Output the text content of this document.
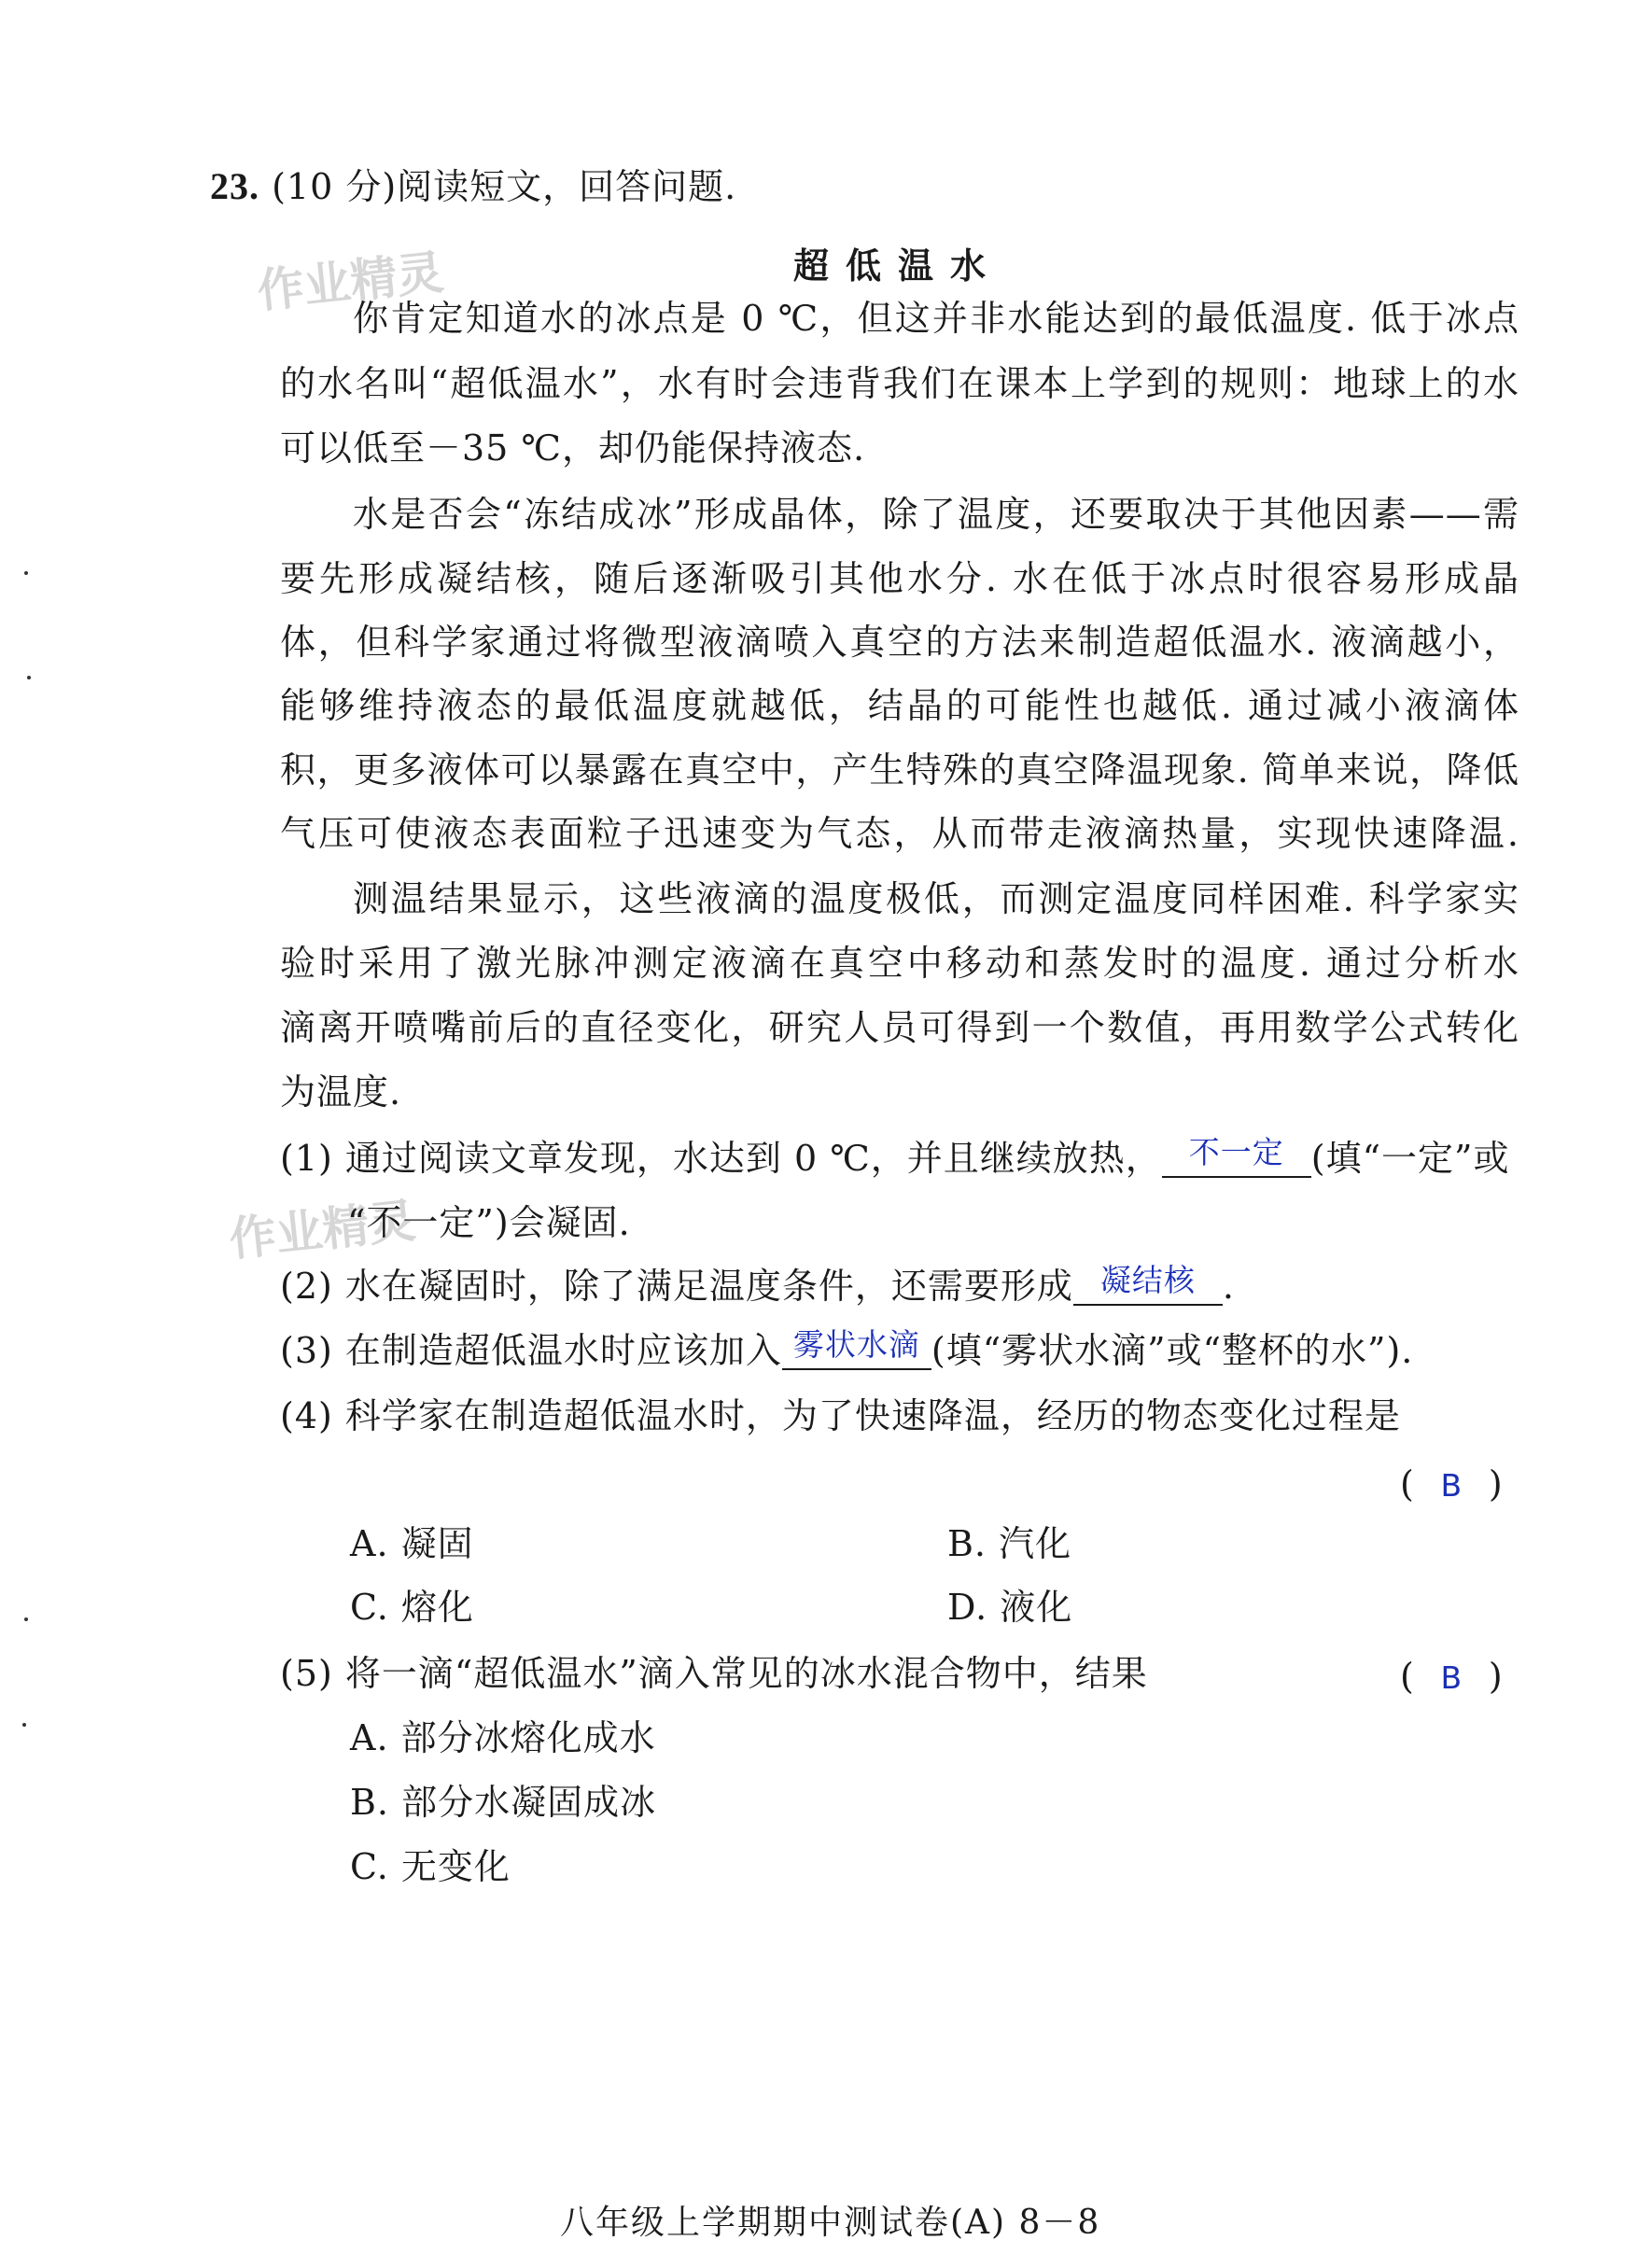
作业精灵
作业精灵
23. (10 分)阅读短文，回答问题.
超低温水
你肯定知道水的冰点是 0 ℃，但这并非水能达到的最低温度. 低于冰点
的水名叫“超低温水”，水有时会违背我们在课本上学到的规则：地球上的水
可以低至－35 ℃，却仍能保持液态.
水是否会“冻结成冰”形成晶体，除了温度，还要取决于其他因素——需
要先形成凝结核，随后逐渐吸引其他水分. 水在低于冰点时很容易形成晶
体，但科学家通过将微型液滴喷入真空的方法来制造超低温水. 液滴越小，
能够维持液态的最低温度就越低，结晶的可能性也越低. 通过减小液滴体
积，更多液体可以暴露在真空中，产生特殊的真空降温现象. 简单来说，降低
气压可使液态表面粒子迅速变为气态，从而带走液滴热量，实现快速降温.
测温结果显示，这些液滴的温度极低，而测定温度同样困难. 科学家实
验时采用了激光脉冲测定液滴在真空中移动和蒸发时的温度. 通过分析水
滴离开喷嘴前后的直径变化，研究人员可得到一个数值，再用数学公式转化
为温度.
(1) 通过阅读文章发现，水达到 0 ℃，并且继续放热， 不一定 (填“一定”或
“不一定”)会凝固.
(2) 水在凝固时，除了满足温度条件，还需要形成 凝结核 .
(3) 在制造超低温水时应该加入 雾状水滴 (填“雾状水滴”或“整杯的水”).
(4) 科学家在制造超低温水时，为了快速降温，经历的物态变化过程是
( B )
A. 凝固	B. 汽化
C. 熔化	D. 液化
(5) 将一滴“超低温水”滴入常见的冰水混合物中，结果	( B )
A. 部分冰熔化成水
B. 部分水凝固成冰
C. 无变化
八年级上学期期中测试卷(A) 8－8
